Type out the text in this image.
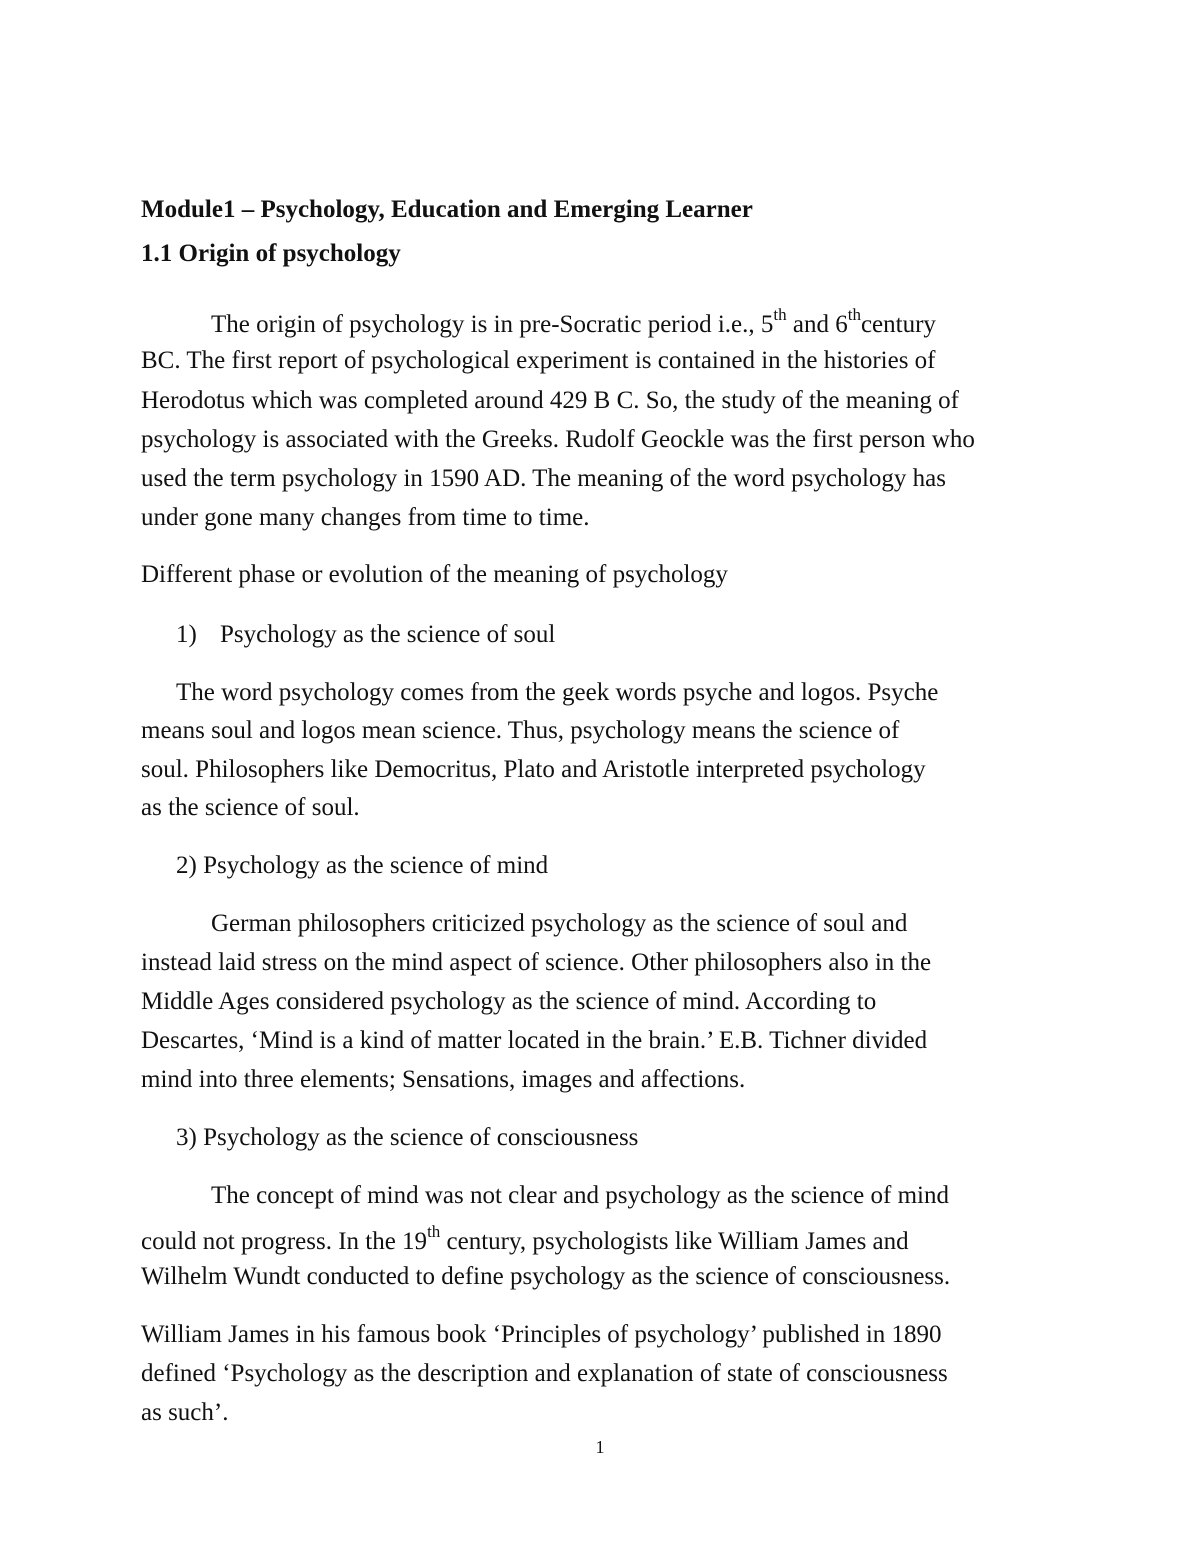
Module1 – Psychology, Education and Emerging Learner

1.1 Origin of psychology

The origin of psychology is in pre-Socratic period i.e., 5th and 6thcentury

BC. The first report of psychological experiment is contained in the histories of

Herodotus which was completed around 429 B C. So, the study of the meaning of

psychology is associated with the Greeks. Rudolf Geockle was the first person who

used the term psychology in 1590 AD. The meaning of the word psychology has

under gone many changes from time to time.

Different phase or evolution of the meaning of psychology

1) Psychology as the science of soul

The word psychology comes from the geek words psyche and logos. Psyche

means soul and logos mean science. Thus, psychology means the science of

soul. Philosophers like Democritus, Plato and Aristotle interpreted psychology

as the science of soul.

2) Psychology as the science of mind

German philosophers criticized psychology as the science of soul and

instead laid stress on the mind aspect of science. Other philosophers also in the

Middle Ages considered psychology as the science of mind. According to

Descartes, ‘Mind is a kind of matter located in the brain.’ E.B. Tichner divided

mind into three elements; Sensations, images and affections.

3) Psychology as the science of consciousness

The concept of mind was not clear and psychology as the science of mind

could not progress. In the 19th century, psychologists like William James and

Wilhelm Wundt conducted to define psychology as the science of consciousness.

William James in his famous book ‘Principles of psychology’ published in 1890

defined ‘Psychology as the description and explanation of state of consciousness

as such’.

1
